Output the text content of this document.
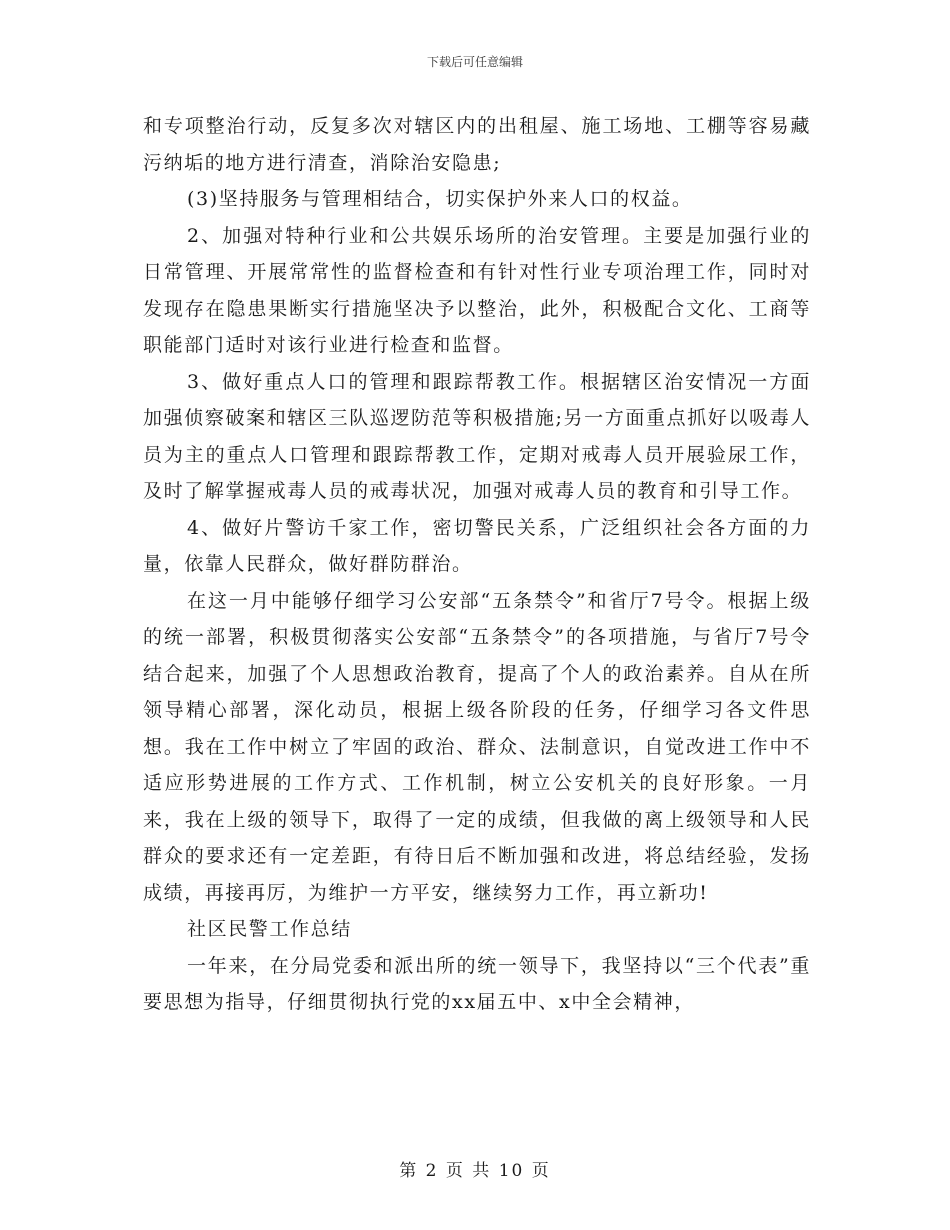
下载后可任意编辑

和专项整治行动，反复多次对辖区内的出租屋、施工场地、工棚等容易藏污纳垢的地方进行清查，消除治安隐患;

(3)坚持服务与管理相结合，切实保护外来人口的权益。

2、加强对特种行业和公共娱乐场所的治安管理。主要是加强行业的日常管理、开展常常性的监督检查和有针对性行业专项治理工作，同时对发现存在隐患果断实行措施坚决予以整治，此外，积极配合文化、工商等职能部门适时对该行业进行检查和监督。

3、做好重点人口的管理和跟踪帮教工作。根据辖区治安情况一方面加强侦察破案和辖区三队巡逻防范等积极措施;另一方面重点抓好以吸毒人员为主的重点人口管理和跟踪帮教工作，定期对戒毒人员开展验尿工作，及时了解掌握戒毒人员的戒毒状况，加强对戒毒人员的教育和引导工作。

4、做好片警访千家工作，密切警民关系，广泛组织社会各方面的力量，依靠人民群众，做好群防群治。

在这一月中能够仔细学习公安部“五条禁令”和省厅7号令。根据上级的统一部署，积极贯彻落实公安部“五条禁令”的各项措施，与省厅7号令结合起来，加强了个人思想政治教育，提高了个人的政治素养。自从在所领导精心部署，深化动员，根据上级各阶段的任务，仔细学习各文件思想。我在工作中树立了牢固的政治、群众、法制意识，自觉改进工作中不适应形势进展的工作方式、工作机制，树立公安机关的良好形象。一月来，我在上级的领导下，取得了一定的成绩，但我做的离上级领导和人民群众的要求还有一定差距，有待日后不断加强和改进，将总结经验，发扬成绩，再接再厉，为维护一方平安，继续努力工作，再立新功!

社区民警工作总结

一年来，在分局党委和派出所的统一领导下，我坚持以“三个代表”重要思想为指导，仔细贯彻执行党的xx届五中、x中全会精神，

第 2 页 共 10 页
